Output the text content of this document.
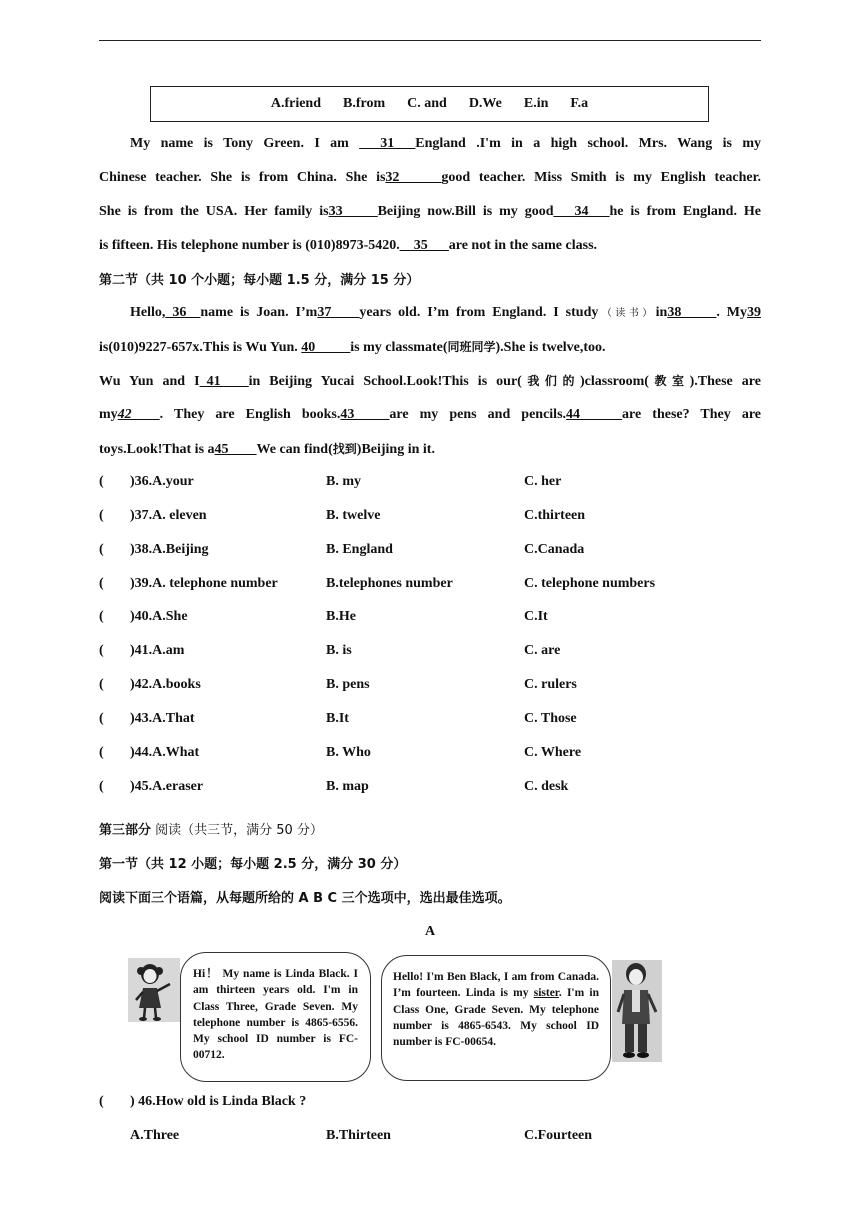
A.friend B.from C. and D.We E.in F.a
My name is Tony Green. I am ___31___England .I'm in a high school. Mrs. Wang is my
Chinese teacher. She is from China. She is32______good teacher. Miss Smith is my English teacher.
She is from the USA. Her family is33_____Beijing now.Bill is my good___34___he is from England. He
is fifteen. His telephone number is (010)8973-5420.__35___are not in the same class.
第二节（共 10 个小题；每小题 1.5 分，满分 15 分）
Hello,_36__name is Joan. I’m37____years old. I’m from England. I study（读书）in38_____. My39
is(010)9227-657x.This is Wu Yun. 40_____is my classmate(同班同学).She is twelve,too.
Wu Yun and I_41____in Beijing Yucai School.Look!This is our(我们的)classroom(教室).These are
my42____. They are English books.43_____are my pens and pencils.44______are these? They are
toys.Look!That is a45____We can find(找到)Beijing in it.
( )36.A.your	B. my	C. her
( )37.A. eleven	B. twelve	C.thirteen
( )38.A.Beijing	B. England	C.Canada
( )39.A. telephone number	B.telephones number	C. telephone numbers
( )40.A.She	B.He	C.It
( )41.A.am	B. is	C. are
( )42.A.books	B. pens	C. rulers
( )43.A.That	B.It	C. Those
( )44.A.What	B. Who	C. Where
( )45.A.eraser	B. map	C. desk
第三部分 阅读（共三节，满分 50 分）
第一节（共 12 小题；每小题 2.5 分，满分 30 分）
阅读下面三个语篇，从每题所给的 A B C 三个选项中，选出最佳选项。
A
Hi！ My name is Linda Black. I am thirteen years old. I'm in Class Three, Grade Seven. My telephone number is 4865-6556. My school ID number is FC-00712.
Hello! I'm Ben Black, I am from Canada. I’m fourteen. Linda is my sister. I'm in Class One, Grade Seven. My telephone number is 4865-6543. My school ID number is FC-00654.
( ) 46.How old is Linda Black ?
A.Three	B.Thirteen	C.Fourteen
